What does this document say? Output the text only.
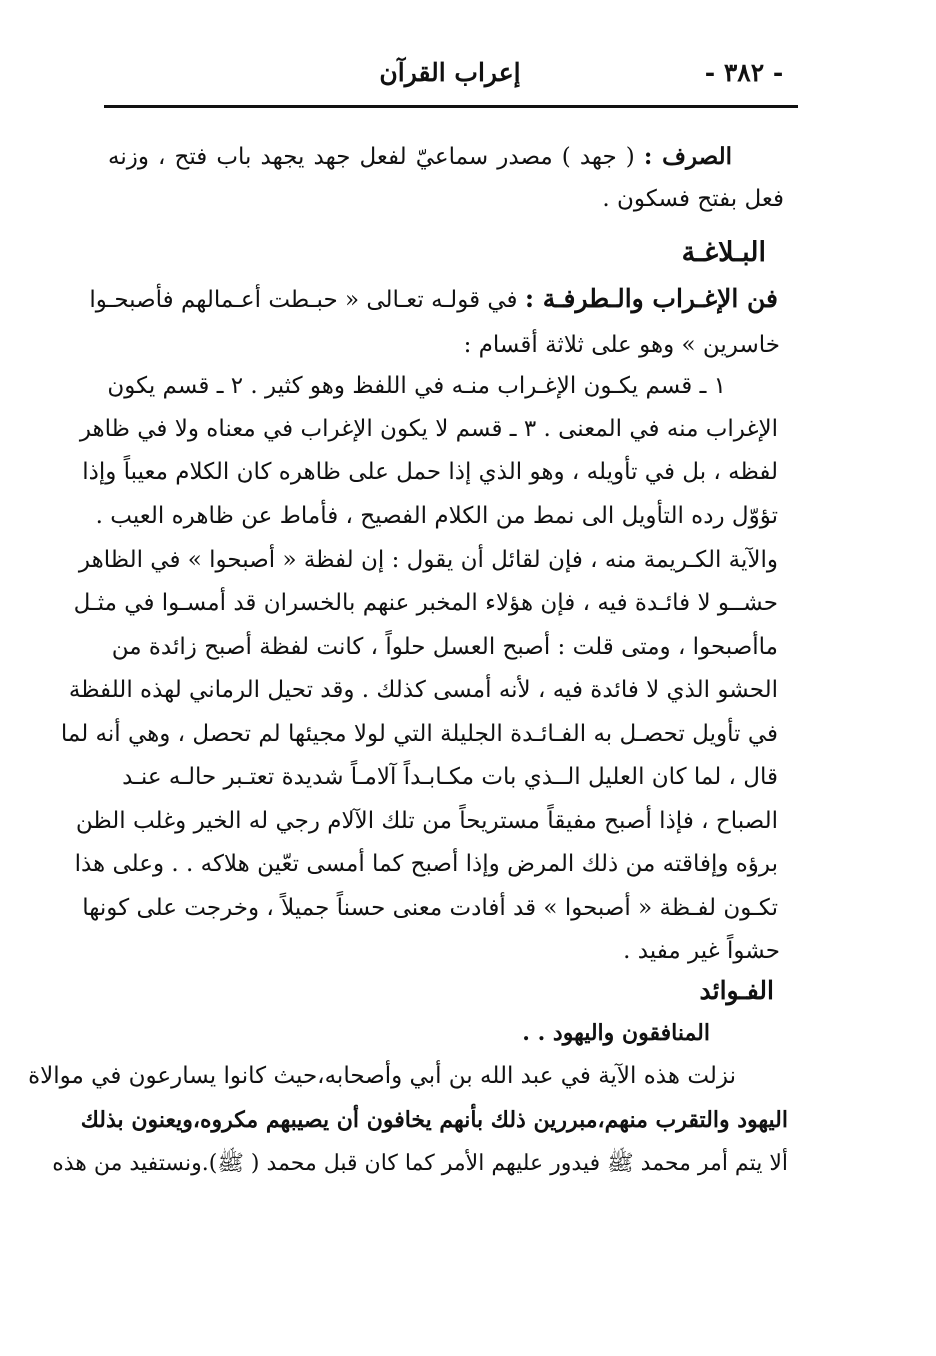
- ٣٨٢ -
إعراب القرآن
الصرف : ( جهد ) مصدر سماعيّ لفعل جهد يجهد باب فتح ، وزنه
فعل بفتح فسكون .
البـلاغـة
فن الإغـراب والـطرفـة : في قولـه تعـالى « حبـطت أعـمالهم فأصبحـوا
خاسرين » وهو على ثلاثة أقسام :
١ ـ قسم يكـون الإغـراب منـه في اللفظ وهو كثير . ٢ ـ قسم يكون
الإغراب منه في المعنى . ٣ ـ قسم لا يكون الإغراب في معناه ولا في ظاهر
لفظه ، بل في تأويله ، وهو الذي إذا حمل على ظاهره كان الكلام معيباً وإذا
تؤوّل رده التأويل الى نمط من الكلام الفصيح ، فأماط عن ظاهره العيب .
والآية الكـريمة منه ، فإن لقائل أن يقول : إن لفظة « أصبحوا » في الظاهر
حشــو لا فائـدة فيه ، فإن هؤلاء المخبر عنهم بالخسران قد أمسـوا في مثـل
ماأصبحوا ، ومتى قلت : أصبح العسل حلواً ، كانت لفظة أصبح زائدة من
الحشو الذي لا فائدة فيه ، لأنه أمسى كذلك . وقد تحيل الرماني لهذه اللفظة
في تأويل تحصـل به الفـائـدة الجليلة التي لولا مجيئها لم تحصل ، وهي أنه لما
قال ، لما كان العليل الــذي بات مكـابـداً آلامـاً شديدة تعتـبر حالـه عنـد
الصباح ، فإذا أصبح مفيقاً مستريحاً من تلك الآلام رجي له الخير وغلب الظن
برؤه وإفاقته من ذلك المرض وإذا أصبح كما أمسى تعّين هلاكه . . وعلى هذا
تكـون لفـظة « أصبحوا » قد أفادت معنى حسناً جميلاً ، وخرجت على كونها
حشواً غير مفيد .
الفـوائد
المنافقون واليهود . .
نزلت هذه الآية في عبد الله بن أبي وأصحابه،حيث كانوا يسارعون في موالاة
اليهود والتقرب منهم،مبررين ذلك بأنهم يخافون أن يصيبهم مكروه،ويعنون بذلك
ألا يتم أمر محمد ﷺ فيدور عليهم الأمر كما كان قبل محمد ( ﷺ).ونستفيد من هذه
